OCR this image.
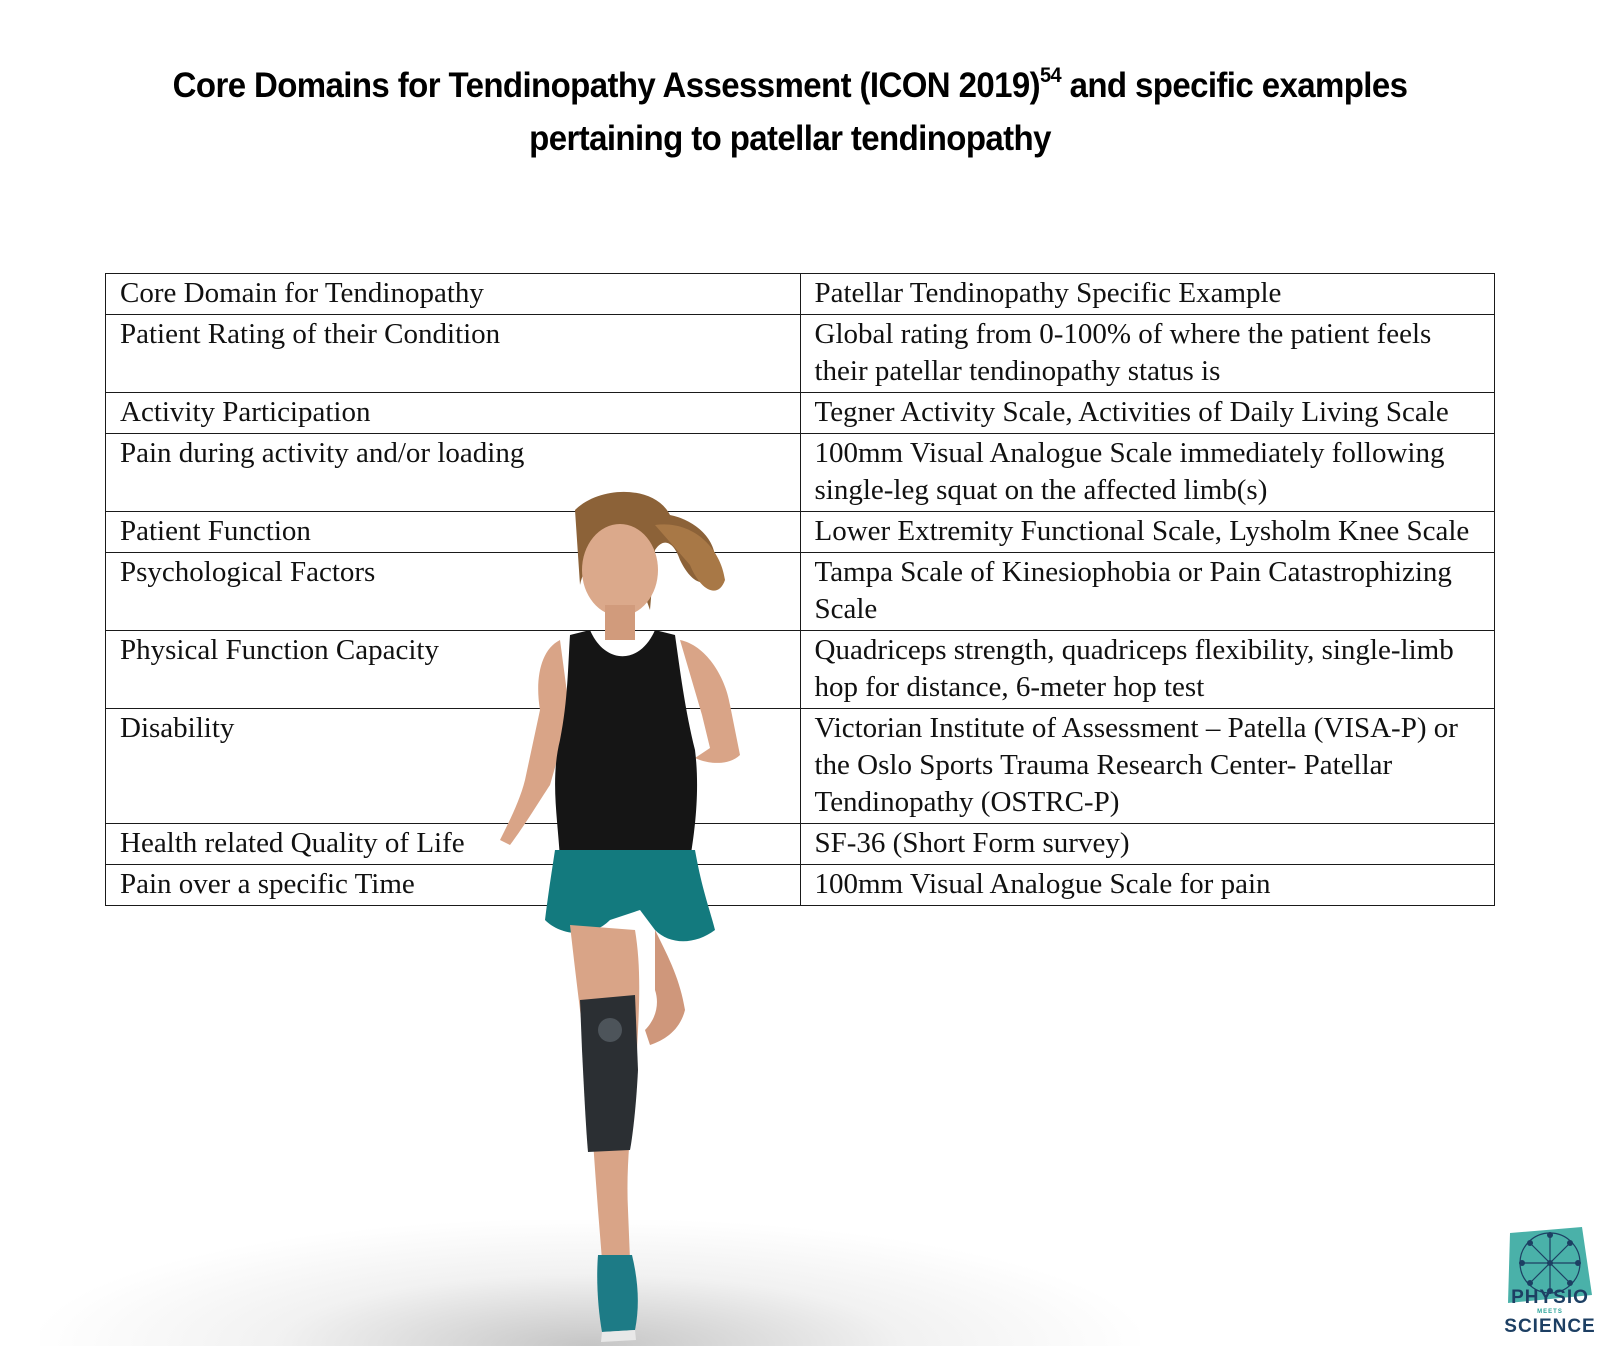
Core Domains for Tendinopathy Assessment (ICON 2019)$^{54}$ and specific examples
pertaining to patellar tendinopathy
Core Domain for Tendinopathy	Patellar Tendinopathy Specific Example
Patient Rating of their Condition	Global rating from 0-100% of where the patient feels their patellar tendinopathy status is
Activity Participation	Tegner Activity Scale, Activities of Daily Living Scale
Pain during activity and/or loading	100mm Visual Analogue Scale immediately following single-leg squat on the affected limb(s)
Patient Function	Lower Extremity Functional Scale, Lysholm Knee Scale
Psychological Factors	Tampa Scale of Kinesiophobia or Pain Catastrophizing Scale
Physical Function Capacity	Quadriceps strength, quadriceps flexibility, single-limb hop for distance, 6-meter hop test
Disability	Victorian Institute of Assessment – Patella (VISA-P) or the Oslo Sports Trauma Research Center- Patellar Tendinopathy (OSTRC-P)
Health related Quality of Life	SF-36 (Short Form survey)
Pain over a specific Time	100mm Visual Analogue Scale for pain
PHYSIO
MEETS
SCIENCE
